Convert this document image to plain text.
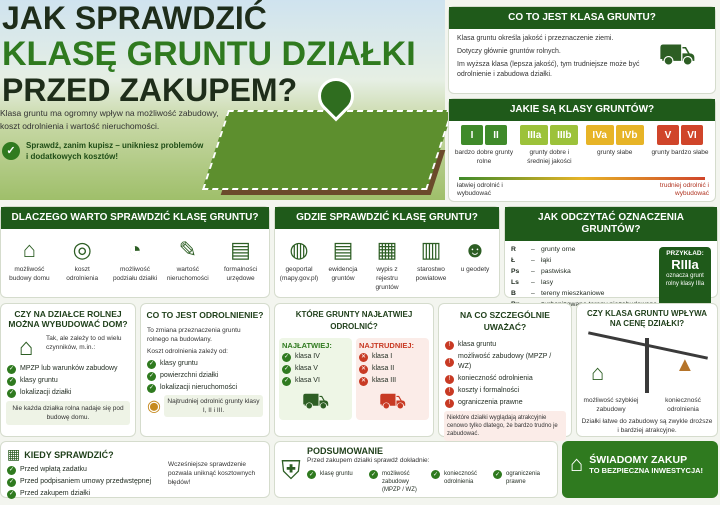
JAK SPRAWDZIĆ
KLASĘ GRUNTU DZIAŁKI
PRZED ZAKUPEM?
Klasa gruntu ma ogromny wpływ na możliwość zabudowy, koszt odrolnienia i wartość nieruchomości.
✓	Sprawdź, zanim kupisz – unikniesz problemów i dodatkowych kosztów!
CO TO JEST KLASA GRUNTU?
Klasa gruntu określa jakość i przeznaczenie ziemi.
Dotyczy głównie gruntów rolnych.
Im wyższa klasa (lepsza jakość), tym trudniejsze może być odrolnienie i zabudowa działki.
⛟
JAKIE SĄ KLASY GRUNTÓW?
I	II
bardzo dobre grunty rolne
IIIa	IIIb
grunty dobre i średniej jakości
IVa	IVb
grunty słabe
V	VI
grunty bardzo słabe
łatwiej odrolnić i wybudować
trudniej odrolnić i wybudować
DLACZEGO WARTO SPRAWDZIĆ KLASĘ GRUNTU?
⌂
możliwość budowy domu
◎
koszt odrolnienia
◔
możliwość podziału działki
✎
wartość nieruchomości
▤
formalności urzędowe
GDZIE SPRAWDZIĆ KLASĘ GRUNTU?
◍
geoportal (mapy.gov.pl)
▤
ewidencja gruntów
▦
wypis z rejestru gruntów
▥
starostwo powiatowe
☻
u geodety
JAK ODCZYTAĆ OZNACZENIA GRUNTÓW?
R	– grunty orne
Ł	– łąki
Ps	– pastwiska
Ls	– lasy
B	– tereny mieszkaniowe
PRZYKŁAD:
RIIIa
oznacza grunt rolny klasy IIIa
CZY NA DZIAŁCE ROLNEJ MOŻNA WYBUDOWAĆ DOM?
⌂	Tak, ale zależy to od wielu czynników, m.in.:
✓ MPZP lub warunków zabudowy
✓ klasy gruntu
✓ lokalizacji działki
Nie każda działka rolna nadaje się pod budowę domu.
CO TO JEST ODROLNIENIE?
To zmiana przeznaczenia gruntu rolnego na budowlany.
Koszt odrolnienia zależy od:
✓ klasy gruntu
✓ powierzchni działki
✓ lokalizacji nieruchomości
◉ Najtrudniej odrolnić grunty klasy I, II i III.
KTÓRE GRUNTY NAJŁATWIEJ ODROLNIĆ?
NAJŁATWIEJ:
✓ klasa IV
✓ klasa V
✓ klasa VI
⛟
NAJTRUDNIEJ:
✕ klasa I
✕ klasa II
✕ klasa III
⛟
NA CO SZCZEGÓLNIE UWAŻAĆ?
!	klasa gruntu
!
możliwość zabudowy (MPZP / WZ)
!	konieczność odrolnienia
!	koszty i formalności
!	ograniczenia prawne
Niektóre działki wyglądają atrakcyjnie cenowo tylko dlatego, że bardzo trudno je zabudować.
CZY KLASA GRUNTU WPŁYWA NA CENĘ DZIAŁKI?
⌂	▲
możliwość szybkiej zabudowy
konieczność odrolnienia
Działki łatwe do zabudowy są zwykle droższe i bardziej atrakcyjne.
▦ KIEDY SPRAWDZIĆ?
✓ Przed wpłatą zadatku
✓ Przed podpisaniem umowy przedwstępnej
✓ Przed zakupem działki
Wcześniejsze sprawdzenie pozwala uniknąć kosztownych błędów!	⛨
PODSUMOWANIE
Przed zakupem działki sprawdź dokładnie:
✓ klasę gruntu	✓ możliwość zabudowy (MPZP / WZ)
✓ konieczność odrolnienia
✓ ograniczenia prawne
⌂ ŚWIADOMY ZAKUP
TO BEZPIECZNA INWESTYCJA!
